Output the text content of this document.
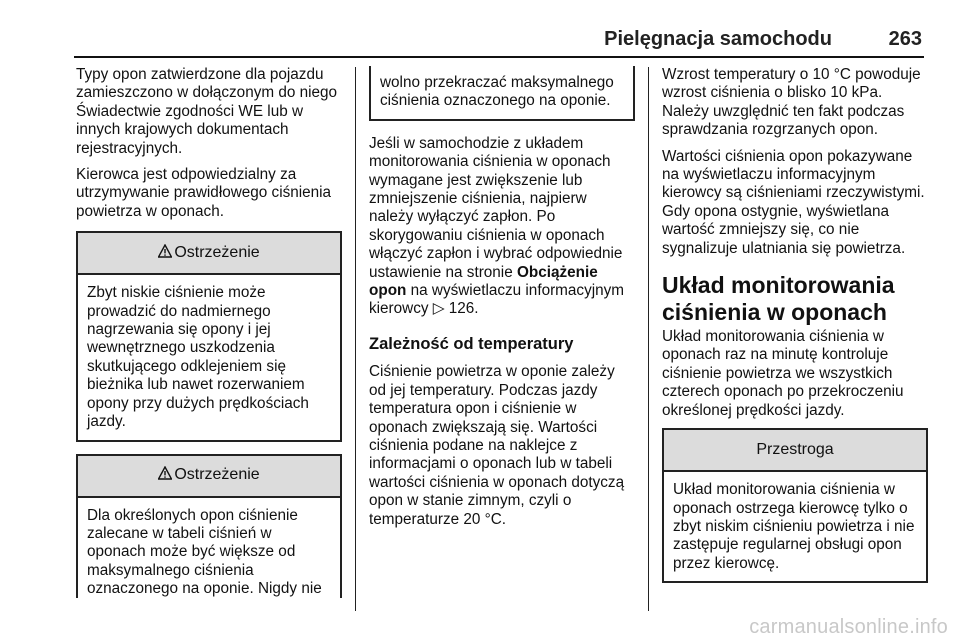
Pielęgnacja samochodu	263

Typy opon zatwierdzone dla pojazdu zamieszczono w dołączonym do niego Świadectwie zgodności WE lub w innych krajowych dokumentach rejestracyjnych.

Kierowca jest odpowiedzialny za utrzymywanie prawidłowego ciśnienia powietrza w oponach.

Ostrzeżenie
Zbyt niskie ciśnienie może prowadzić do nadmiernego nagrzewania się opony i jej wewnętrznego uszkodzenia skutkującego odklejeniem się bieżnika lub nawet rozerwaniem opony przy dużych prędkościach jazdy.
Ostrzeżenie
Dla określonych opon ciśnienie zalecane w tabeli ciśnień w oponach może być większe od maksymalnego ciśnienia oznaczonego na oponie. Nigdy nie
wolno przekraczać maksymalnego ciśnienia oznaczonego na oponie.

Jeśli w samochodzie z układem monitorowania ciśnienia w oponach wymagane jest zwiększenie lub zmniejszenie ciśnienia, najpierw należy wyłączyć zapłon. Po skorygowaniu ciśnienia w oponach włączyć zapłon i wybrać odpowiednie ustawienie na stronie Obciążenie opon na wyświetlaczu informacyjnym kierowcy ▷ 126.

Zależność od temperatury

Ciśnienie powietrza w oponie zależy od jej temperatury. Podczas jazdy temperatura opon i ciśnienie w oponach zwiększają się. Wartości ciśnienia podane na naklejce z informacjami o oponach lub w tabeli wartości ciśnienia w oponach dotyczą opon w stanie zimnym, czyli o temperaturze 20 °C.

Wzrost temperatury o 10 °C powoduje wzrost ciśnienia o blisko 10 kPa. Należy uwzględnić ten fakt podczas sprawdzania rozgrzanych opon.

Wartości ciśnienia opon pokazywane na wyświetlaczu informacyjnym kierowcy są ciśnieniami rzeczywistymi. Gdy opona ostygnie, wyświetlana wartość zmniejszy się, co nie sygnalizuje ulatniania się powietrza.

Układ monitorowania ciśnienia w oponach

Układ monitorowania ciśnienia w oponach raz na minutę kontroluje ciśnienie powietrza we wszystkich czterech oponach po przekroczeniu określonej prędkości jazdy.

Przestroga
Układ monitorowania ciśnienia w oponach ostrzega kierowcę tylko o zbyt niskim ciśnieniu powietrza i nie zastępuje regularnej obsługi opon przez kierowcę.
carmanualsonline.info
